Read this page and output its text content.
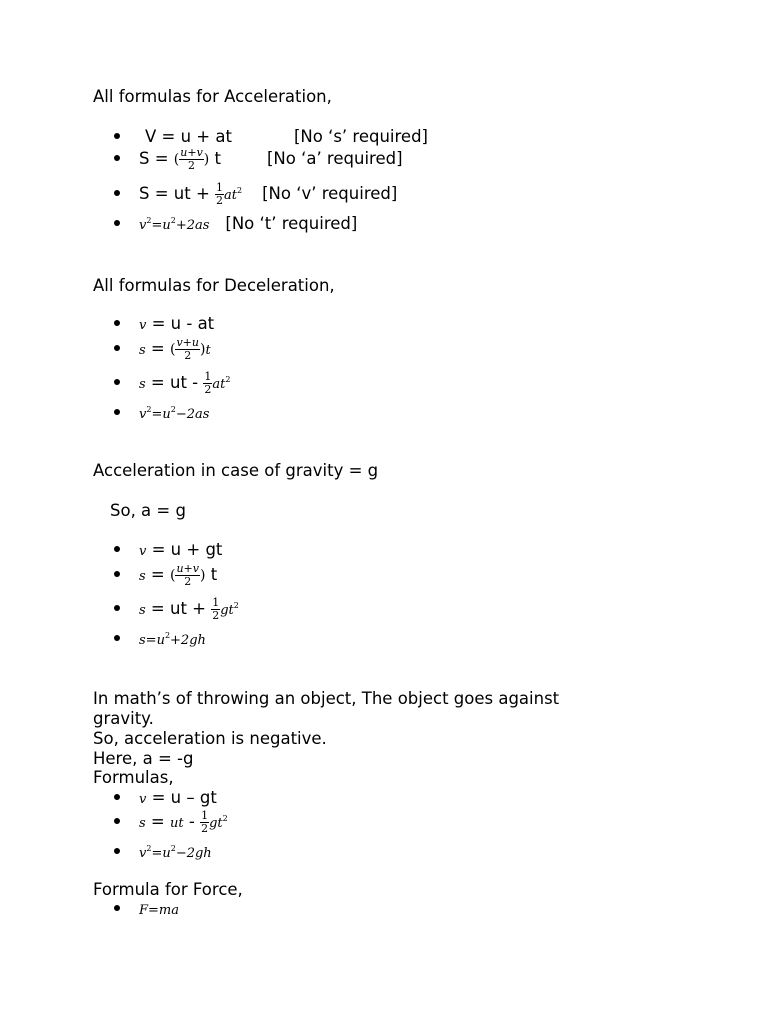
All formulas for Acceleration,
V = u + at	[No ‘s’ required]
S = ( $\frac{u+v}{2}$ ) t	[No ‘a’ required]
S = ut + $\frac{1}{2} at^2$ [No ‘v’ required]
$v^2=u^2+2as$ [No ‘t’ required]
All formulas for Deceleration,
v = u - at
s = ( $\frac{v+u}{2} )t$
s = ut - $\frac{1}{2} at^2$
$v^2=u^2-2as$
Acceleration in case of gravity = g
So, a = g
v = u + gt
s = ( $\frac{u+v}{2}$ ) t
s = ut + $\frac{1}{2} gt^2$
$s=u^2+2gh$
In math’s of throwing an object, The object goes against
gravity.
So, acceleration is negative.
Here, a = -g
Formulas,
v = u – gt
s = ut - $\frac{1}{2} gt^2$
$v^2=u^2-2gh$
Formula for Force,
F=ma
